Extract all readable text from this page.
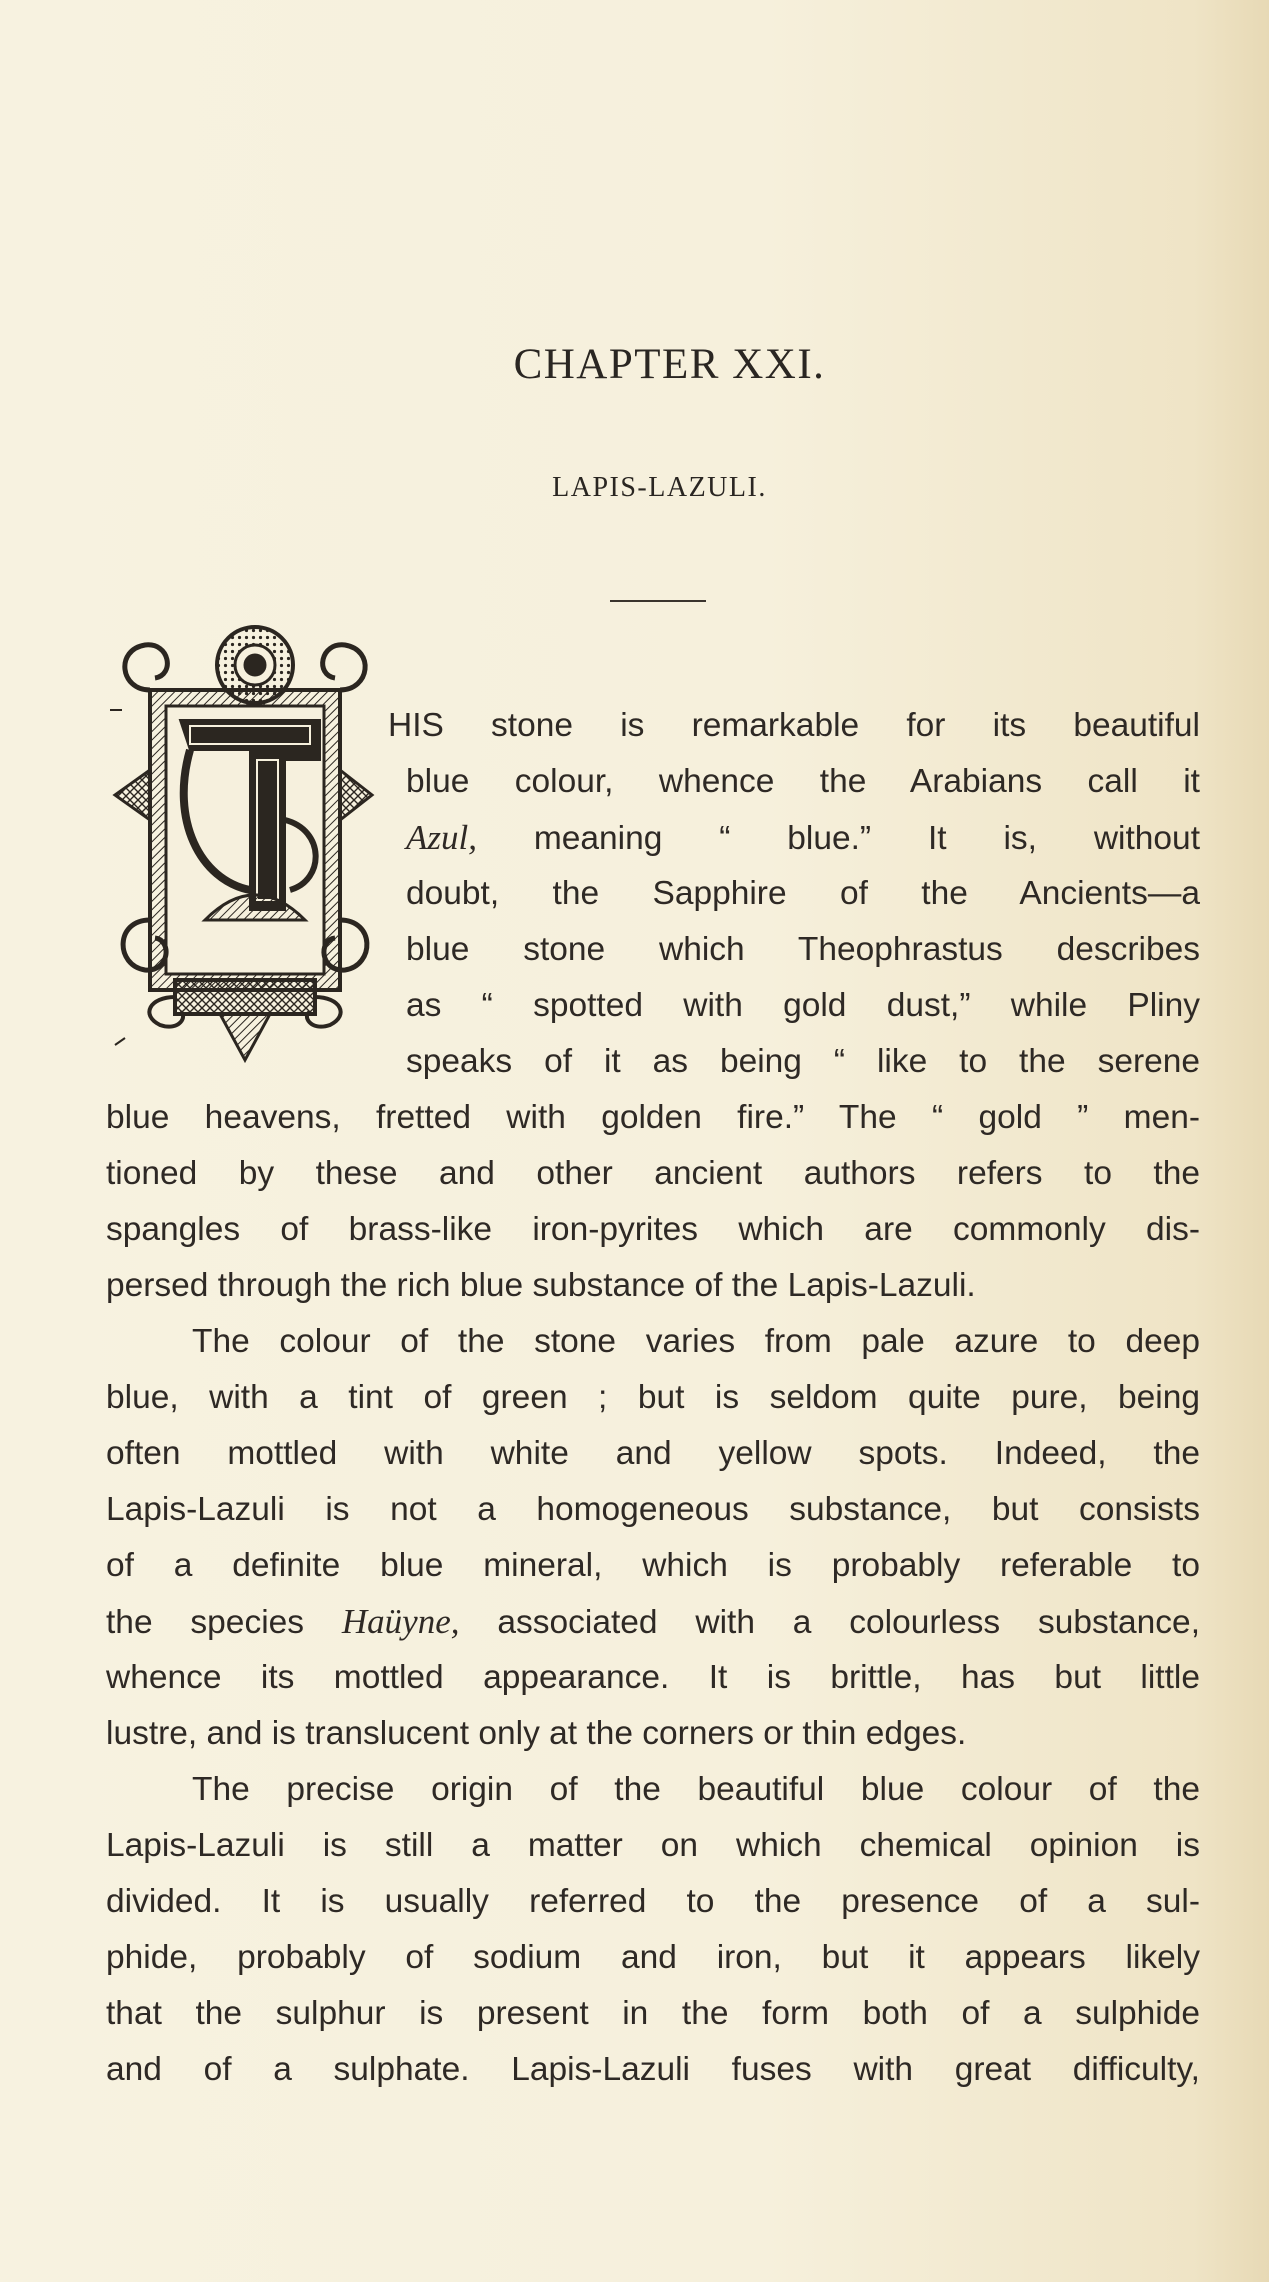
CHAPTER XXI.
LAPIS-LAZULI.
HIS stone is remarkable for its beautiful
blue colour, whence the Arabians call it
Azul, meaning “ blue.” It is, without
doubt, the Sapphire of the Ancients—a
blue stone which Theophrastus describes
as “ spotted with gold dust,” while Pliny
speaks of it as being “ like to the serene
blue heavens, fretted with golden fire.” The “ gold ” men-
tioned by these and other ancient authors refers to the
spangles of brass-like iron-pyrites which are commonly dis-
persed through the rich blue substance of the Lapis-Lazuli.
The colour of the stone varies from pale azure to deep
blue, with a tint of green ; but is seldom quite pure, being
often mottled with white and yellow spots. Indeed, the
Lapis-Lazuli is not a homogeneous substance, but consists
of a definite blue mineral, which is probably referable to
the species Haüyne, associated with a colourless substance,
whence its mottled appearance. It is brittle, has but little
lustre, and is translucent only at the corners or thin edges.
The precise origin of the beautiful blue colour of the
Lapis-Lazuli is still a matter on which chemical opinion is
divided. It is usually referred to the presence of a sul-
phide, probably of sodium and iron, but it appears likely
that the sulphur is present in the form both of a sulphide
and of a sulphate. Lapis-Lazuli fuses with great difficulty,
